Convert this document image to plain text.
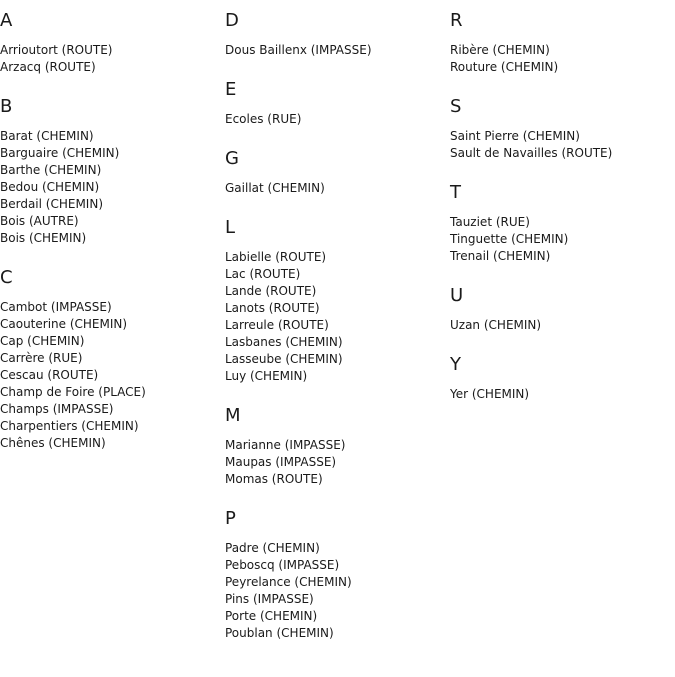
A
Arrioutort (ROUTE)
Arzacq (ROUTE)
B
Barat (CHEMIN)
Barguaire (CHEMIN)
Barthe (CHEMIN)
Bedou (CHEMIN)
Berdail (CHEMIN)
Bois (AUTRE)
Bois (CHEMIN)
C
Cambot (IMPASSE)
Caouterine (CHEMIN)
Cap (CHEMIN)
Carrère (RUE)
Cescau (ROUTE)
Champ de Foire (PLACE)
Champs (IMPASSE)
Charpentiers (CHEMIN)
Chênes (CHEMIN)
D
Dous Baillenx (IMPASSE)
E
Ecoles (RUE)
G
Gaillat (CHEMIN)
L
Labielle (ROUTE)
Lac (ROUTE)
Lande (ROUTE)
Lanots (ROUTE)
Larreule (ROUTE)
Lasbanes (CHEMIN)
Lasseube (CHEMIN)
Luy (CHEMIN)
M
Marianne (IMPASSE)
Maupas (IMPASSE)
Momas (ROUTE)
P
Padre (CHEMIN)
Peboscq (IMPASSE)
Peyrelance (CHEMIN)
Pins (IMPASSE)
Porte (CHEMIN)
Poublan (CHEMIN)
R
Ribère (CHEMIN)
Routure (CHEMIN)
S
Saint Pierre (CHEMIN)
Sault de Navailles (ROUTE)
T
Tauziet (RUE)
Tinguette (CHEMIN)
Trenail (CHEMIN)
U
Uzan (CHEMIN)
Y
Yer (CHEMIN)
